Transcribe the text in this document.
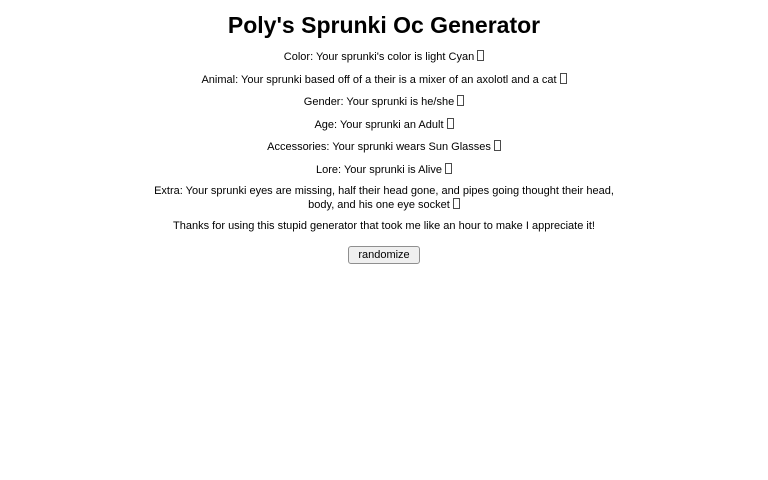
Poly's Sprunki Oc Generator

Color: Your sprunki's color is light Cyan

Animal: Your sprunki based off of a their is a mixer of an axolotl and a cat

Gender: Your sprunki is he/she

Age: Your sprunki an Adult

Accessories: Your sprunki wears Sun Glasses

Lore: Your sprunki is Alive

Extra: Your sprunki eyes are missing, half their head gone, and pipes going thought their head, body, and his one eye socket

Thanks for using this stupid generator that took me like an hour to make I appreciate it!

randomize
